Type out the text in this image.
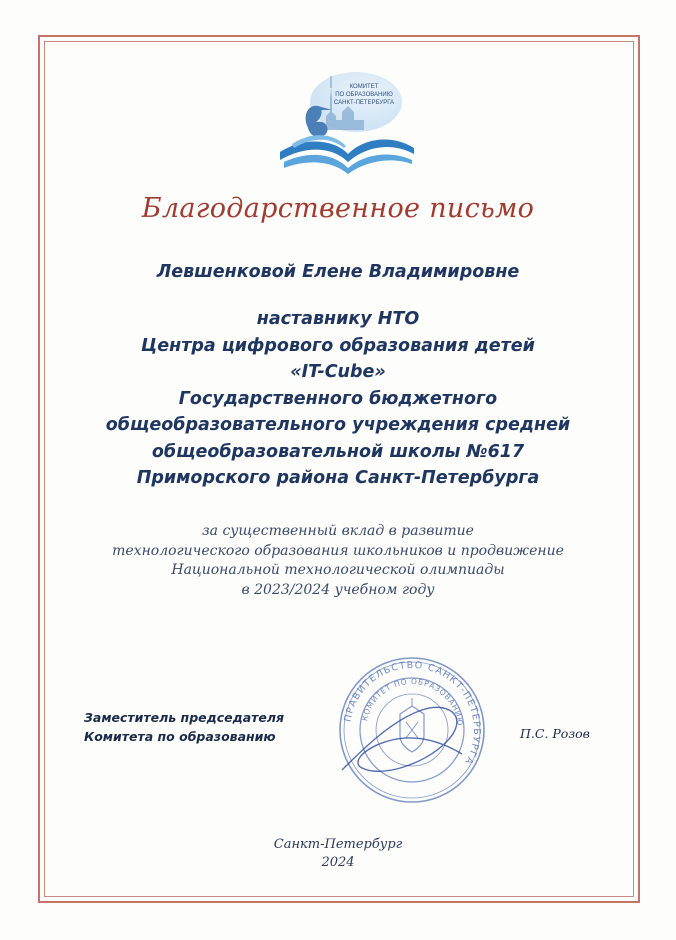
КОМИТЕТ
ПО ОБРАЗОВАНИЮ
САНКТ-ПЕТЕРБУРГА
Благодарственное письмо
Левшенковой Елене Владимировне
наставнику НТО
Центра цифрового образования детей
«IT-Cube»
Государственного бюджетного
общеобразовательного учреждения средней
общеобразовательной школы №617
Приморского района Санкт-Петербурга
за существенный вклад в развитие
технологического образования школьников и продвижение
Национальной технологической олимпиады
в 2023/2024 учебном году
ПРАВИТЕЛЬСТВО САНКТ-ПЕТЕРБУРГА
КОМИТЕТ ПО ОБРАЗОВАНИЮ
Заместитель председателя
Комитета по образованию	П.С. Розов
Санкт-Петербург
2024
